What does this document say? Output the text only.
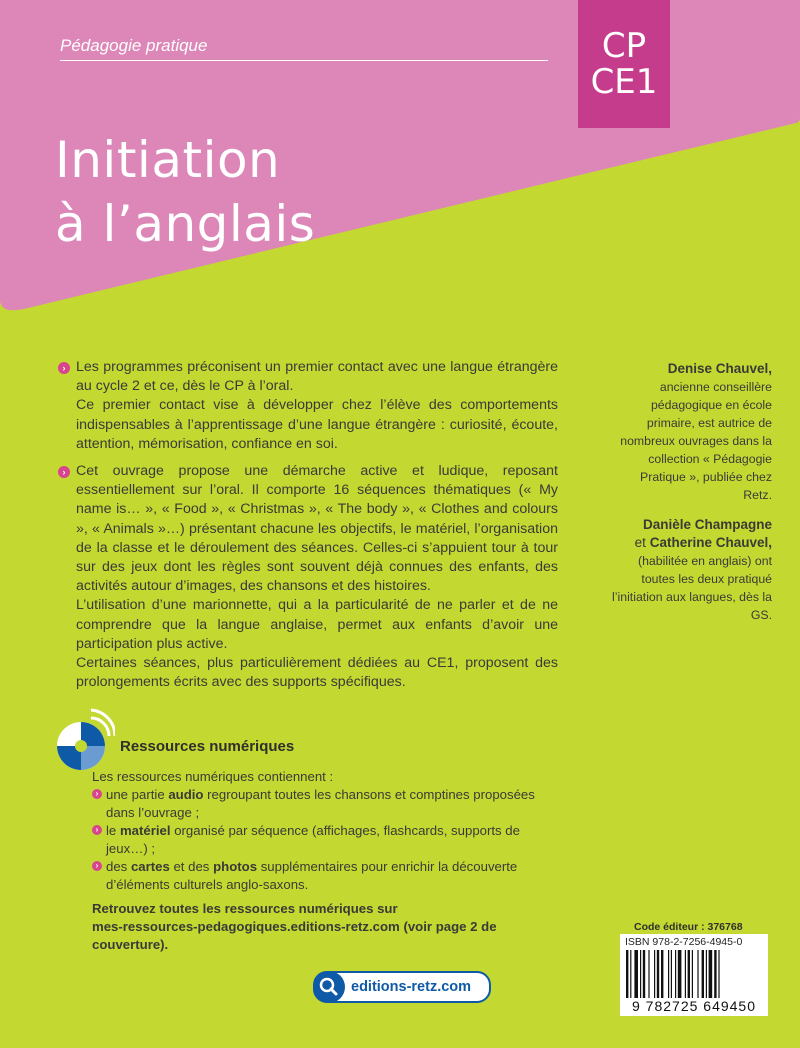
Pédagogie pratique	CP
CE1
Initiation
à l’anglais
› Les programmes préconisent un premier contact avec une langue étrangère au cycle 2 et ce, dès le CP à l’oral.

Ce premier contact vise à développer chez l’élève des comportements indispensables à l’apprentissage d’une langue étrangère : curiosité, écoute, attention, mémorisation, confiance en soi.

› Cet ouvrage propose une démarche active et ludique, reposant essentiellement sur l’oral. Il comporte 16 séquences thématiques (« My name is… », « Food », « Christmas », « The body », « Clothes and colours », « Animals »…) présentant chacune les objectifs, le matériel, l’organisation de la classe et le déroulement des séances. Celles-ci s’appuient tour à tour sur des jeux dont les règles sont souvent déjà connues des enfants, des activités autour d’images, des chansons et des histoires.

L’utilisation d’une marionnette, qui a la particularité de ne parler et de ne comprendre que la langue anglaise, permet aux enfants d’avoir une participation plus active.

Certaines séances, plus particulièrement dédiées au CE1, proposent des prolongements écrits avec des supports spécifiques.

Denise Chauvel,

ancienne conseillère pédagogique en école primaire, est autrice de nombreux ouvrages dans la collection « Pédagogie Pratique », publiée chez Retz.

Danièle Champagne

et Catherine Chauvel,

(habilitée en anglais) ont toutes les deux pratiqué l’initiation aux langues, dès la GS.

Ressources numériques

Les ressources numériques contiennent :

› une partie audio regroupant toutes les chansons et comptines proposées dans l’ouvrage ;
› le matériel organisé par séquence (affichages, flashcards, supports de jeux…) ;
› des cartes et des photos supplémentaires pour enrichir la découverte d’éléments culturels anglo-saxons.

Retrouvez toutes les ressources numériques sur

mes-ressources-pedagogiques.editions-retz.com (voir page 2 de couverture).

editions-retz.com
Code éditeur : 376768
ISBN 978-2-7256-4945-0
9 782725 649450
